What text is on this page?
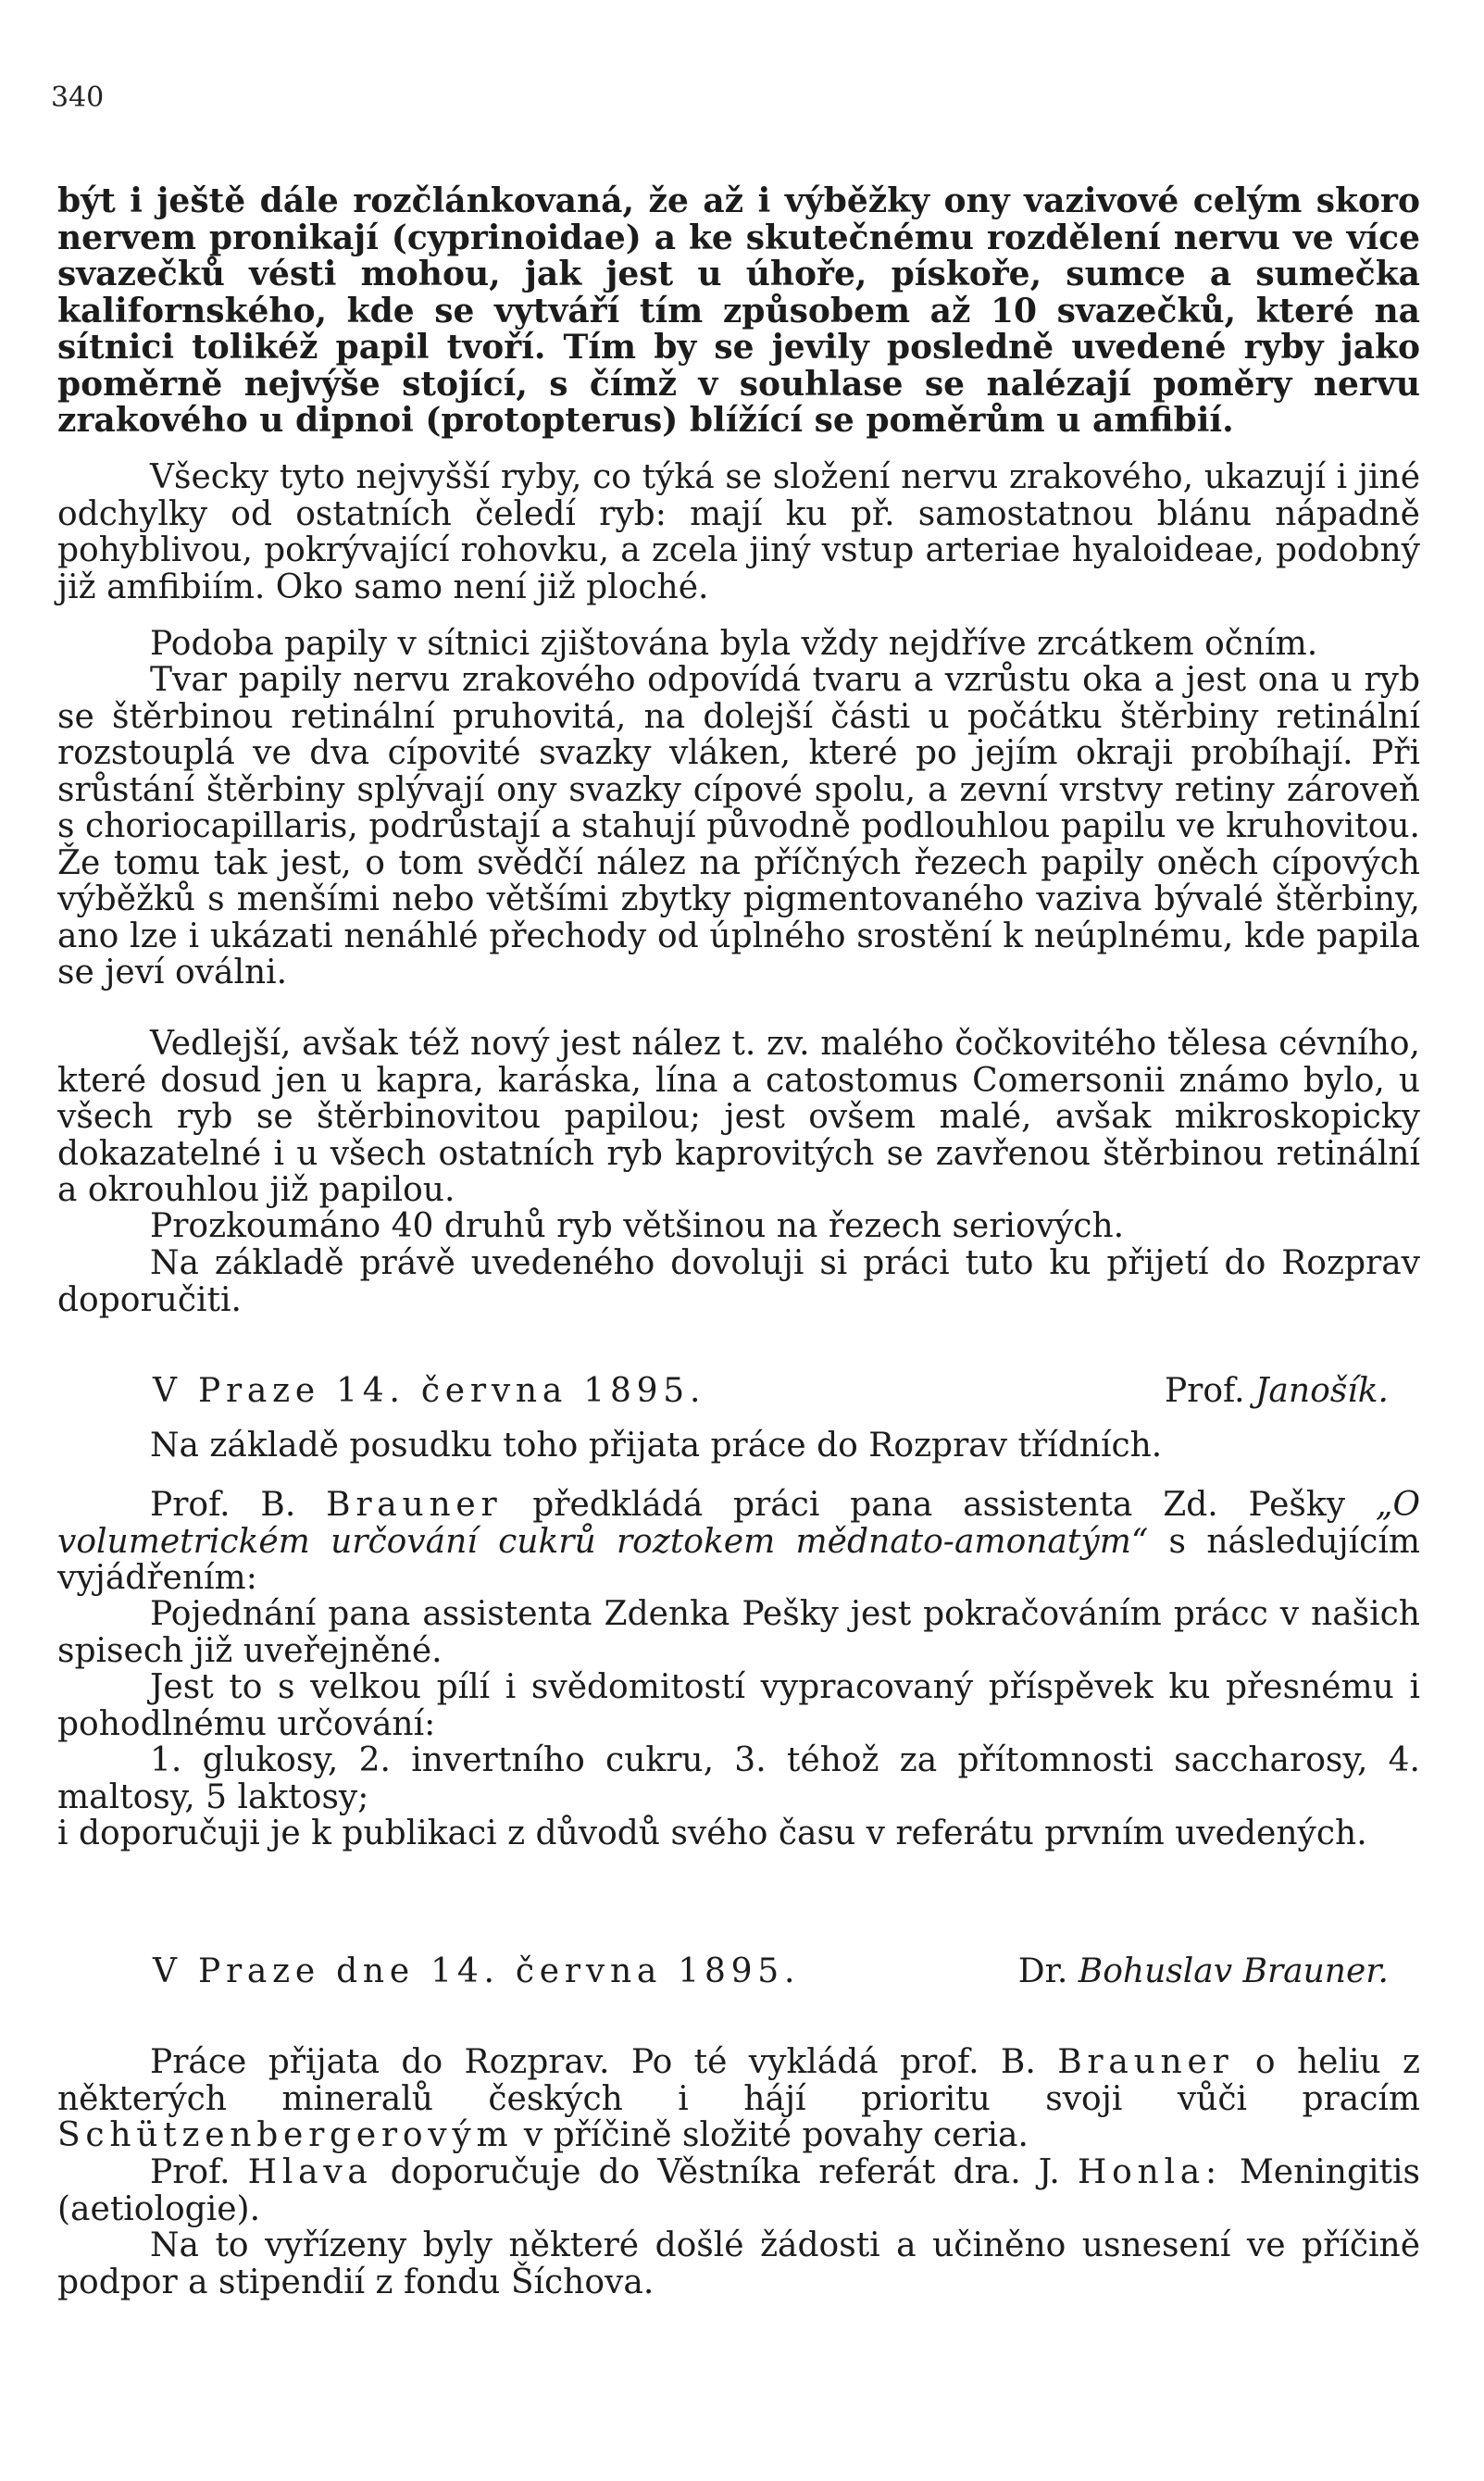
340

být i ještě dále rozčlánkovaná, že až i výběžky ony vazivové celým skoro nervem pronikají (cyprinoidae) a ke skutečnému rozdělení nervu ve více svazečků vésti mohou, jak jest u úhoře, pískoře, sumce a sumečka kalifornského, kde se vytváří tím způsobem až 10 svazečků, které na sítnici tolikéž papil tvoří. Tím by se jevily posledně uvedené ryby jako poměrně nejvýše stojící, s čímž v souhlase se nalézají poměry nervu zrakového u dipnoi (protopterus) blížící se poměrům u amfibií.

Všecky tyto nejvyšší ryby, co týká se složení nervu zrakového, ukazují i jiné odchylky od ostatních čeledí ryb: mají ku př. samostatnou blánu nápadně pohyblivou, pokrývající rohovku, a zcela jiný vstup arteriae hyaloideae, podobný již amfibiím. Oko samo není již ploché.

Podoba papily v sítnici zjištována byla vždy nejdříve zrcátkem očním.

Tvar papily nervu zrakového odpovídá tvaru a vzrůstu oka a jest ona u ryb se štěrbinou retinální pruhovitá, na dolejší části u počátku štěrbiny retinální rozstouplá ve dva cípovité svazky vláken, které po jejím okraji probíhají. Při srůstání štěrbiny splývají ony svazky cípové spolu, a zevní vrstvy retiny zároveň s choriocapillaris, podrůstají a stahují původně podlouhlou papilu ve kruhovitou. Že tomu tak jest, o tom svědčí nález na příčných řezech papily oněch cípových výběžků s menšími nebo většími zbytky pigmentovaného vaziva bývalé štěrbiny, ano lze i ukázati nenáhlé přechody od úplného srostění k neúplnému, kde papila se jeví oválni.

Vedlejší, avšak též nový jest nález t. zv. malého čočkovitého tělesa cévního, které dosud jen u kapra, karáska, lína a catostomus Comersonii známo bylo, u všech ryb se štěrbinovitou papilou; jest ovšem malé, avšak mikroskopicky dokazatelné i u všech ostatních ryb kaprovitých se zavřenou štěrbinou retinální a okrouhlou již papilou.

Prozkoumáno 40 druhů ryb většinou na řezech seriových.

Na základě právě uvedeného dovoluji si práci tuto ku přijetí do Rozprav doporučiti.

V Praze 14. června 1895.	Prof. Janošík.

Na základě posudku toho přijata práce do Rozprav třídních.

Prof. B. Brauner předkládá práci pana assistenta Zd. Pešky „O volumetrickém určování cukrů roztokem mědnato-amonatým“ s následujícím vyjádřením:

Pojednání pana assistenta Zdenka Pešky jest pokračováním prácc v našich spisech již uveřejněné.

Jest to s velkou pílí i svědomitostí vypracovaný příspěvek ku přesnému i pohodlnému určování:

1. glukosy, 2. invertního cukru, 3. téhož za přítomnosti saccharosy, 4. maltosy, 5 laktosy;

i doporučuji je k publikaci z důvodů svého času v referátu prvním uvedených.

V Praze dne 14. června 1895.	Dr. Bohuslav Brauner.

Práce přijata do Rozprav. Po té vykládá prof. B. Brauner o heliu z některých mineralů českých i hájí prioritu svoji vůči pracím Schützenbergerovým v příčině složité povahy ceria.

Prof. Hlava doporučuje do Věstníka referát dra. J. Honla: Meningitis (aetiologie).

Na to vyřízeny byly některé došlé žádosti a učiněno usnesení ve příčině podpor a stipendií z fondu Šíchova.
